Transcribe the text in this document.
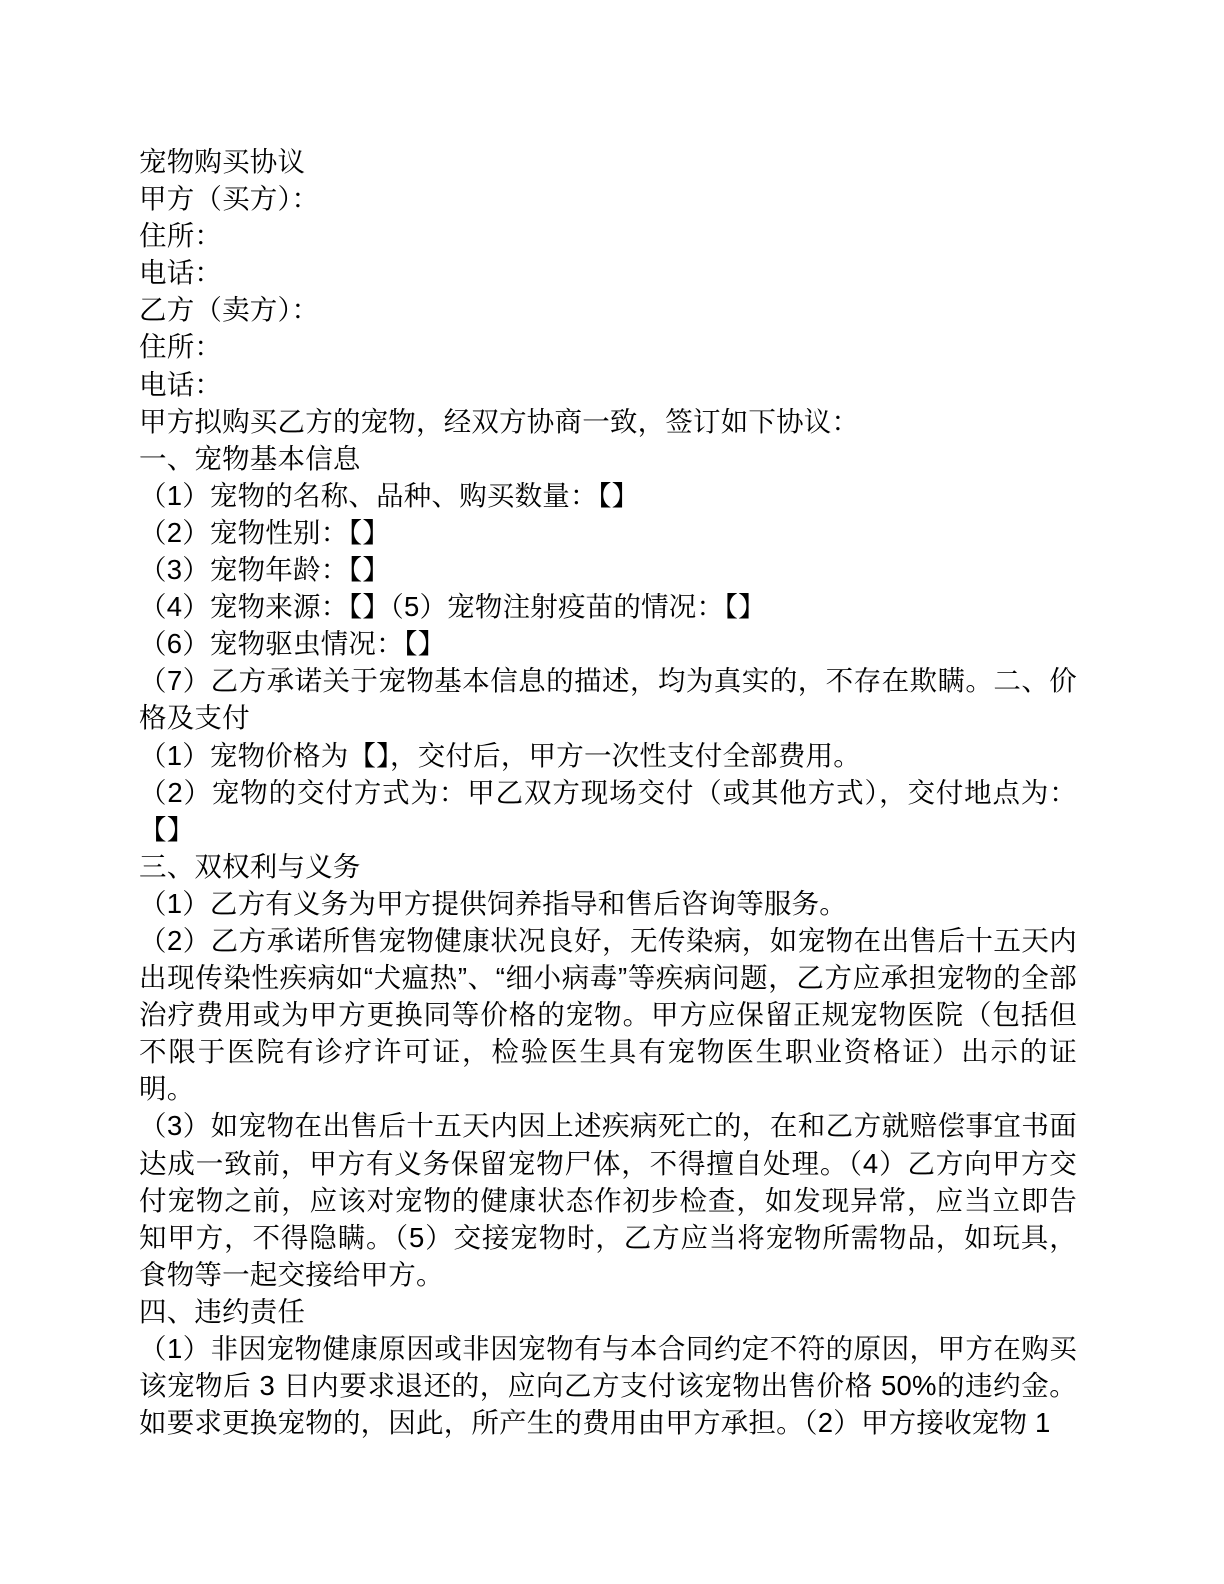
宠物购买协议
甲方（买方）：
住所：
电话：
乙方（卖方）：
住所：
电话：
甲方拟购买乙方的宠物，经双方协商一致，签订如下协议：
一、宠物基本信息
（1）宠物的名称、品种、购买数量：【】
（2）宠物性别：【】
（3）宠物年龄：【】
（4）宠物来源：【】（5）宠物注射疫苗的情况：【】
（6）宠物驱虫情况：【】
（7）乙方承诺关于宠物基本信息的描述，均为真实的，不存在欺瞒。二、价格及支付
（1）宠物价格为【】，交付后，甲方一次性支付全部费用。
（2）宠物的交付方式为：甲乙双方现场交付（或其他方式），交付地点为：【】
三、双权利与义务
（1）乙方有义务为甲方提供饲养指导和售后咨询等服务。
（2）乙方承诺所售宠物健康状况良好，无传染病，如宠物在出售后十五天内出现传染性疾病如“犬瘟热”、“细小病毒”等疾病问题，乙方应承担宠物的全部治疗费用或为甲方更换同等价格的宠物。甲方应保留正规宠物医院（包括但不限于医院有诊疗许可证，检验医生具有宠物医生职业资格证）出示的证明。
（3）如宠物在出售后十五天内因上述疾病死亡的，在和乙方就赔偿事宜书面达成一致前，甲方有义务保留宠物尸体，不得擅自处理。（4）乙方向甲方交付宠物之前，应该对宠物的健康状态作初步检查，如发现异常，应当立即告知甲方，不得隐瞒。（5）交接宠物时，乙方应当将宠物所需物品，如玩具，食物等一起交接给甲方。
四、违约责任
（1）非因宠物健康原因或非因宠物有与本合同约定不符的原因，甲方在购买该宠物后 3 日内要求退还的，应向乙方支付该宠物出售价格 50%的违约金。如要求更换宠物的，因此，所产生的费用由甲方承担。（2）甲方接收宠物 1
